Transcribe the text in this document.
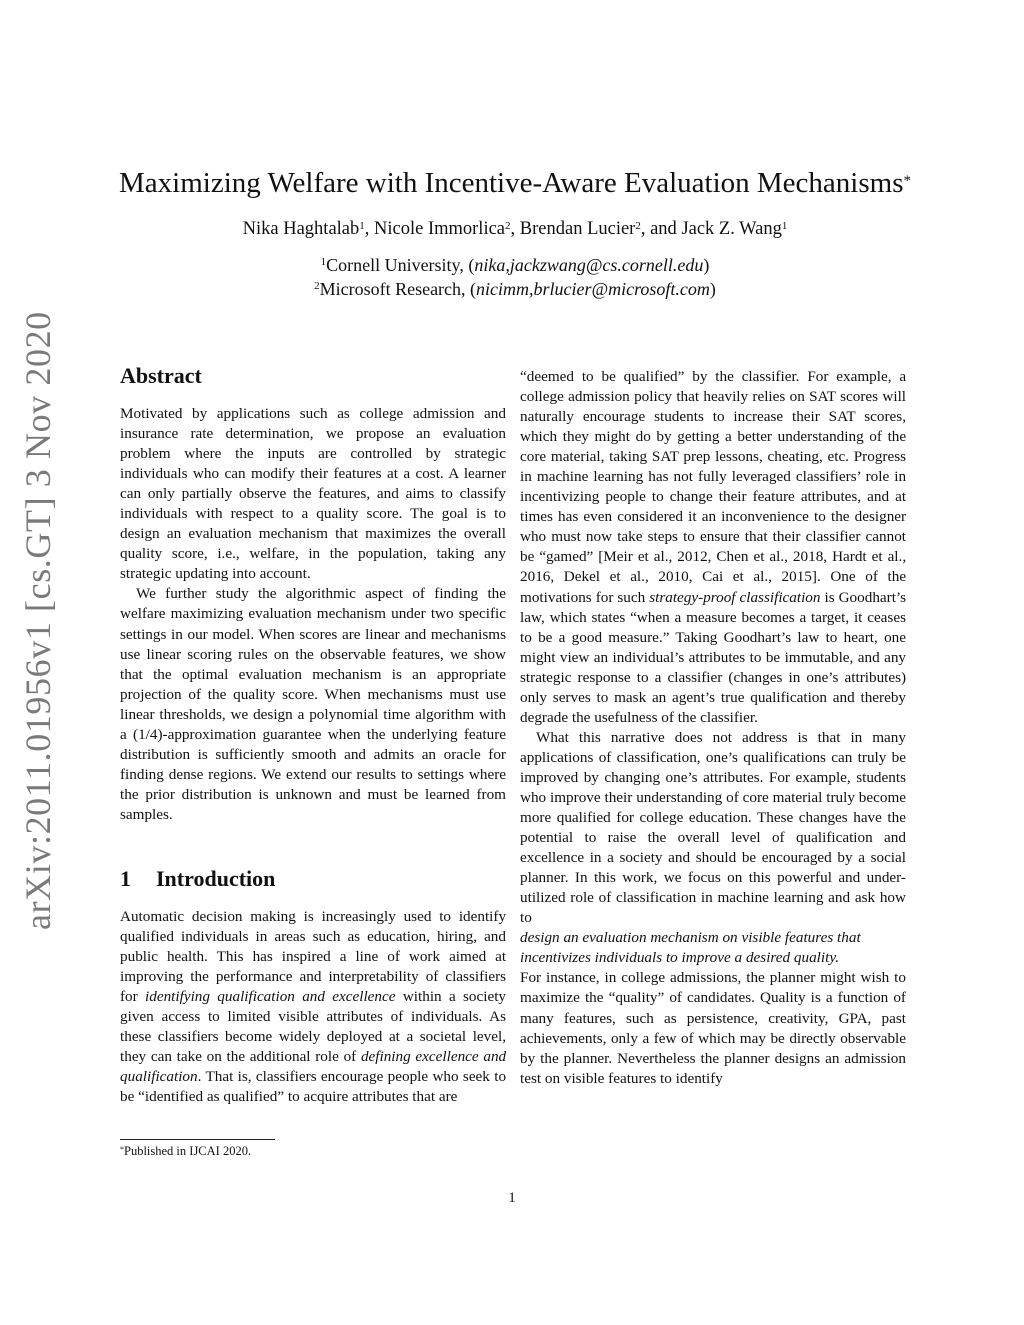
arXiv:2011.01956v1 [cs.GT] 3 Nov 2020
Maximizing Welfare with Incentive-Aware Evaluation Mechanisms*
Nika Haghtalab$^1$, Nicole Immorlica$^2$, Brendan Lucier$^2$, and Jack Z. Wang$^1$
$^1$Cornell University, (nika,jackzwang@cs.cornell.edu)
$^2$Microsoft Research, (nicimm,brlucier@microsoft.com)
Abstract

Motivated by applications such as college admission and insurance rate determination, we propose an evaluation problem where the inputs are controlled by strategic individuals who can modify their features at a cost. A learner can only partially observe the features, and aims to classify individuals with respect to a quality score. The goal is to design an evaluation mechanism that maximizes the overall quality score, i.e., welfare, in the population, taking any strategic updating into account.

We further study the algorithmic aspect of finding the welfare maximizing evaluation mechanism under two specific settings in our model. When scores are linear and mechanisms use linear scoring rules on the observable features, we show that the optimal evaluation mechanism is an appropriate projection of the quality score. When mechanisms must use linear thresholds, we design a polynomial time algorithm with a (1/4)-approximation guarantee when the underlying feature distribution is sufficiently smooth and admits an oracle for finding dense regions. We extend our results to settings where the prior distribution is unknown and must be learned from samples.

1 Introduction

Automatic decision making is increasingly used to identify qualified individuals in areas such as education, hiring, and public health. This has inspired a line of work aimed at improving the performance and interpretability of classifiers for identifying qualification and excellence within a society given access to limited visible attributes of individuals. As these classifiers become widely deployed at a societal level, they can take on the additional role of defining excellence and qualification. That is, classifiers encourage people who seek to be “identified as qualified” to acquire attributes that are

“deemed to be qualified” by the classifier. For example, a college admission policy that heavily relies on SAT scores will naturally encourage students to increase their SAT scores, which they might do by getting a better understanding of the core material, taking SAT prep lessons, cheating, etc. Progress in machine learning has not fully leveraged classifiers’ role in incentivizing people to change their feature attributes, and at times has even considered it an inconvenience to the designer who must now take steps to ensure that their classifier cannot be “gamed” [Meir et al., 2012, Chen et al., 2018, Hardt et al., 2016, Dekel et al., 2010, Cai et al., 2015]. One of the motivations for such strategy-proof classification is Goodhart’s law, which states “when a measure becomes a target, it ceases to be a good measure.” Taking Goodhart’s law to heart, one might view an individual’s attributes to be immutable, and any strategic response to a classifier (changes in one’s attributes) only serves to mask an agent’s true qualification and thereby degrade the usefulness of the classifier.

What this narrative does not address is that in many applications of classification, one’s qualifications can truly be improved by changing one’s attributes. For example, students who improve their understanding of core material truly become more qualified for college education. These changes have the potential to raise the overall level of qualification and excellence in a society and should be encouraged by a social planner. In this work, we focus on this powerful and under-utilized role of classification in machine learning and ask how to

design an evaluation mechanism on visible features that incentivizes individuals to improve a desired quality.

For instance, in college admissions, the planner might wish to maximize the “quality” of candidates. Quality is a function of many features, such as persistence, creativity, GPA, past achievements, only a few of which may be directly observable by the planner. Nevertheless the planner designs an admission test on visible features to identify

*Published in IJCAI 2020.
1
